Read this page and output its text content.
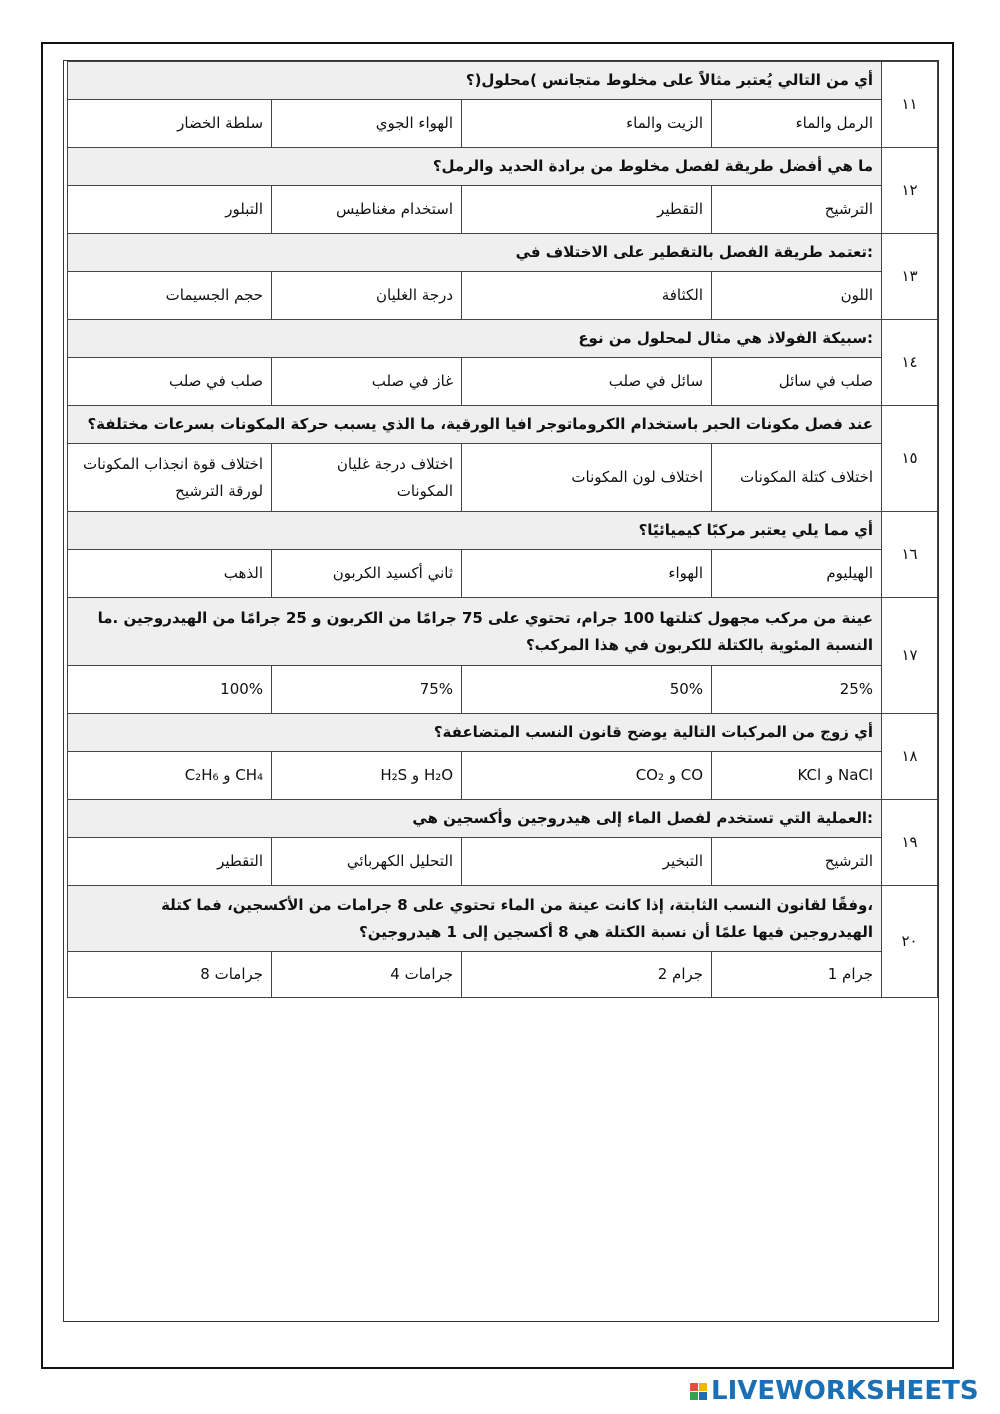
١١	أي من التالي يُعتبر مثالاً على مخلوط متجانس )محلول(؟			
	الرمل والماء	الزيت والماء	الهواء الجوي	سلطة الخضار
١٢	ما هي أفضل طريقة لفصل مخلوط من برادة الحديد والرمل؟			
	الترشيح	التقطير	استخدام مغناطيس	التبلور
١٣	:تعتمد طريقة الفصل بالتقطير على الاختلاف في			
	اللون	الكثافة	درجة الغليان	حجم الجسيمات
١٤	:سبيكة الفولاذ هي مثال لمحلول من نوع			
	صلب في سائل	سائل في صلب	غاز في صلب	صلب في صلب
١٥	عند فصل مكونات الحبر باستخدام الكروماتوجر افيا الورقية، ما الذي يسبب حركة المكونات بسرعات مختلفة؟			
	اختلاف كتلة المكونات	اختلاف لون المكونات	اختلاف درجة غليان المكونات	اختلاف قوة انجذاب المكونات لورقة الترشيح
١٦	أي مما يلي يعتبر مركبًا كيميائيًا؟			
	الهيليوم	الهواء	ثاني أكسيد الكربون	الذهب
١٧	عينة من مركب مجهول كتلتها 100 جرام، تحتوي على 75 جرامًا من الكربون و 25 جرامًا من الهيدروجين .ما النسبة المئوية بالكتلة للكربون في هذا المركب؟			
	25%	50%	75%	100%
١٨	أي زوج من المركبات التالية يوضح قانون النسب المتضاعفة؟			
	NaCl و KCl	CO و CO₂	H₂O و H₂S	CH₄ و C₂H₆
١٩	:العملية التي تستخدم لفصل الماء إلى هيدروجين وأكسجين هي			
	الترشيح	التبخير	التحليل الكهربائي	التقطير
٢٠	،وفقًا لقانون النسب الثابتة، إذا كانت عينة من الماء تحتوي على 8 جرامات من الأكسجين، فما كتلة الهيدروجين فيها علمًا أن نسبة الكتلة هي 8 أكسجين إلى 1 هيدروجين؟			
	جرام 1	جرام 2	جرامات 4	جرامات 8
LIVEWORKSHEETS
